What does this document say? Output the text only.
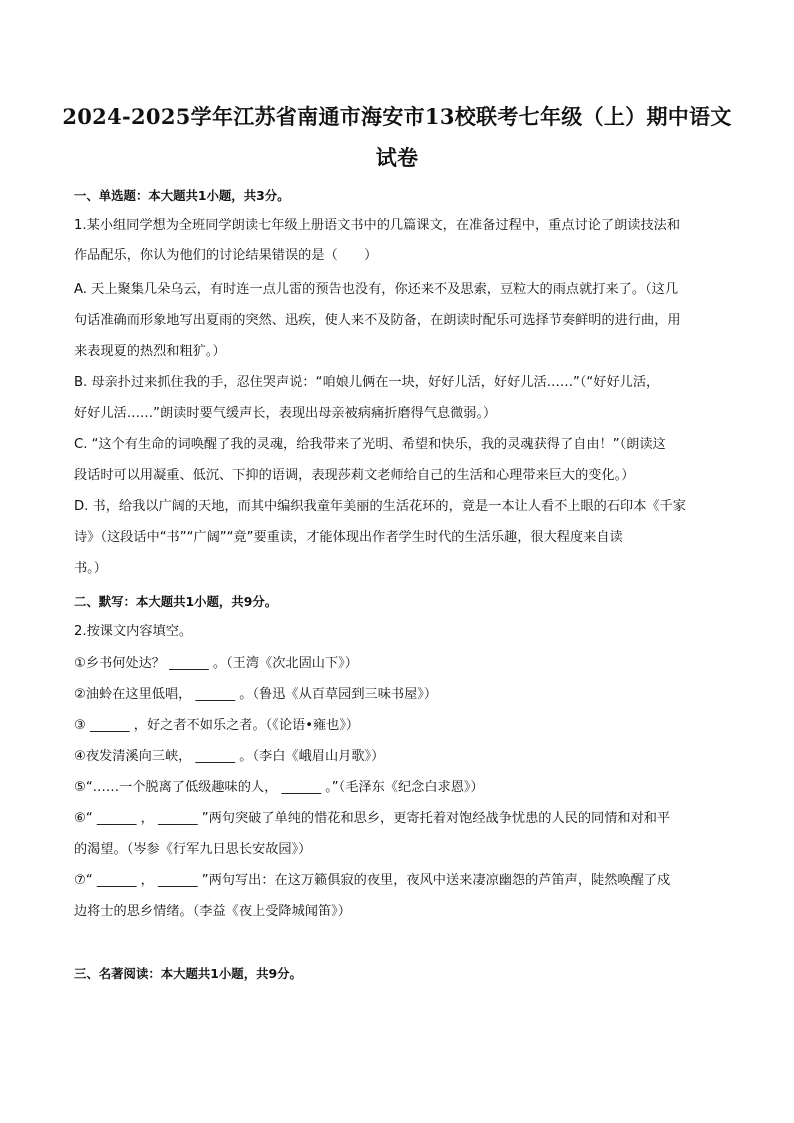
2024-2025学年江苏省南通市海安市13校联考七年级（上）期中语文
试卷
一、单选题：本大题共1小题，共3分。
1.某小组同学想为全班同学朗读七年级上册语文书中的几篇课文，在准备过程中，重点讨论了朗读技法和
作品配乐，你认为他们的讨论结果错误的是（　　）
A. 天上聚集几朵乌云，有时连一点儿雷的预告也没有，你还来不及思索，豆粒大的雨点就打来了。（这几
句话准确而形象地写出夏雨的突然、迅疾，使人来不及防备，在朗读时配乐可选择节奏鲜明的进行曲，用
来表现夏的热烈和粗犷。）
B. 母亲扑过来抓住我的手，忍住哭声说：“咱娘儿俩在一块，好好儿活，好好儿活……”（“好好儿活，
好好儿活……”朗读时要气缓声长，表现出母亲被病痛折磨得气息微弱。）
C. “这个有生命的词唤醒了我的灵魂，给我带来了光明、希望和快乐，我的灵魂获得了自由！”（朗读这
段话时可以用凝重、低沉、下抑的语调，表现莎莉文老师给自己的生活和心理带来巨大的变化。）
D. 书，给我以广阔的天地，而其中编织我童年美丽的生活花环的，竟是一本让人看不上眼的石印本《千家
诗》（这段话中“书”“广阔”“竟”要重读，才能体现出作者学生时代的生活乐趣，很大程度来自读
书。）
二、默写：本大题共1小题，共9分。
2.按课文内容填空。
①乡书何处达？ ______ 。（王湾《次北固山下》）
②油蛉在这里低唱， ______ 。（鲁迅《从百草园到三味书屋》）
③ ______ ，好之者不如乐之者。（《论语•雍也》）
④夜发清溪向三峡， ______ 。（李白《峨眉山月歌》）
⑤“……一个脱离了低级趣味的人， ______ 。”（毛泽东《纪念白求恩》）
⑥“ ______ ， ______ ”两句突破了单纯的惜花和思乡，更寄托着对饱经战争忧患的人民的同情和对和平
的渴望。（岑参《行军九日思长安故园》）
⑦“ ______ ， ______ ”两句写出：在这万籁俱寂的夜里，夜风中送来凄凉幽怨的芦笛声，陡然唤醒了戍
边将士的思乡情绪。（李益《夜上受降城闻笛》）
三、名著阅读：本大题共1小题，共9分。
